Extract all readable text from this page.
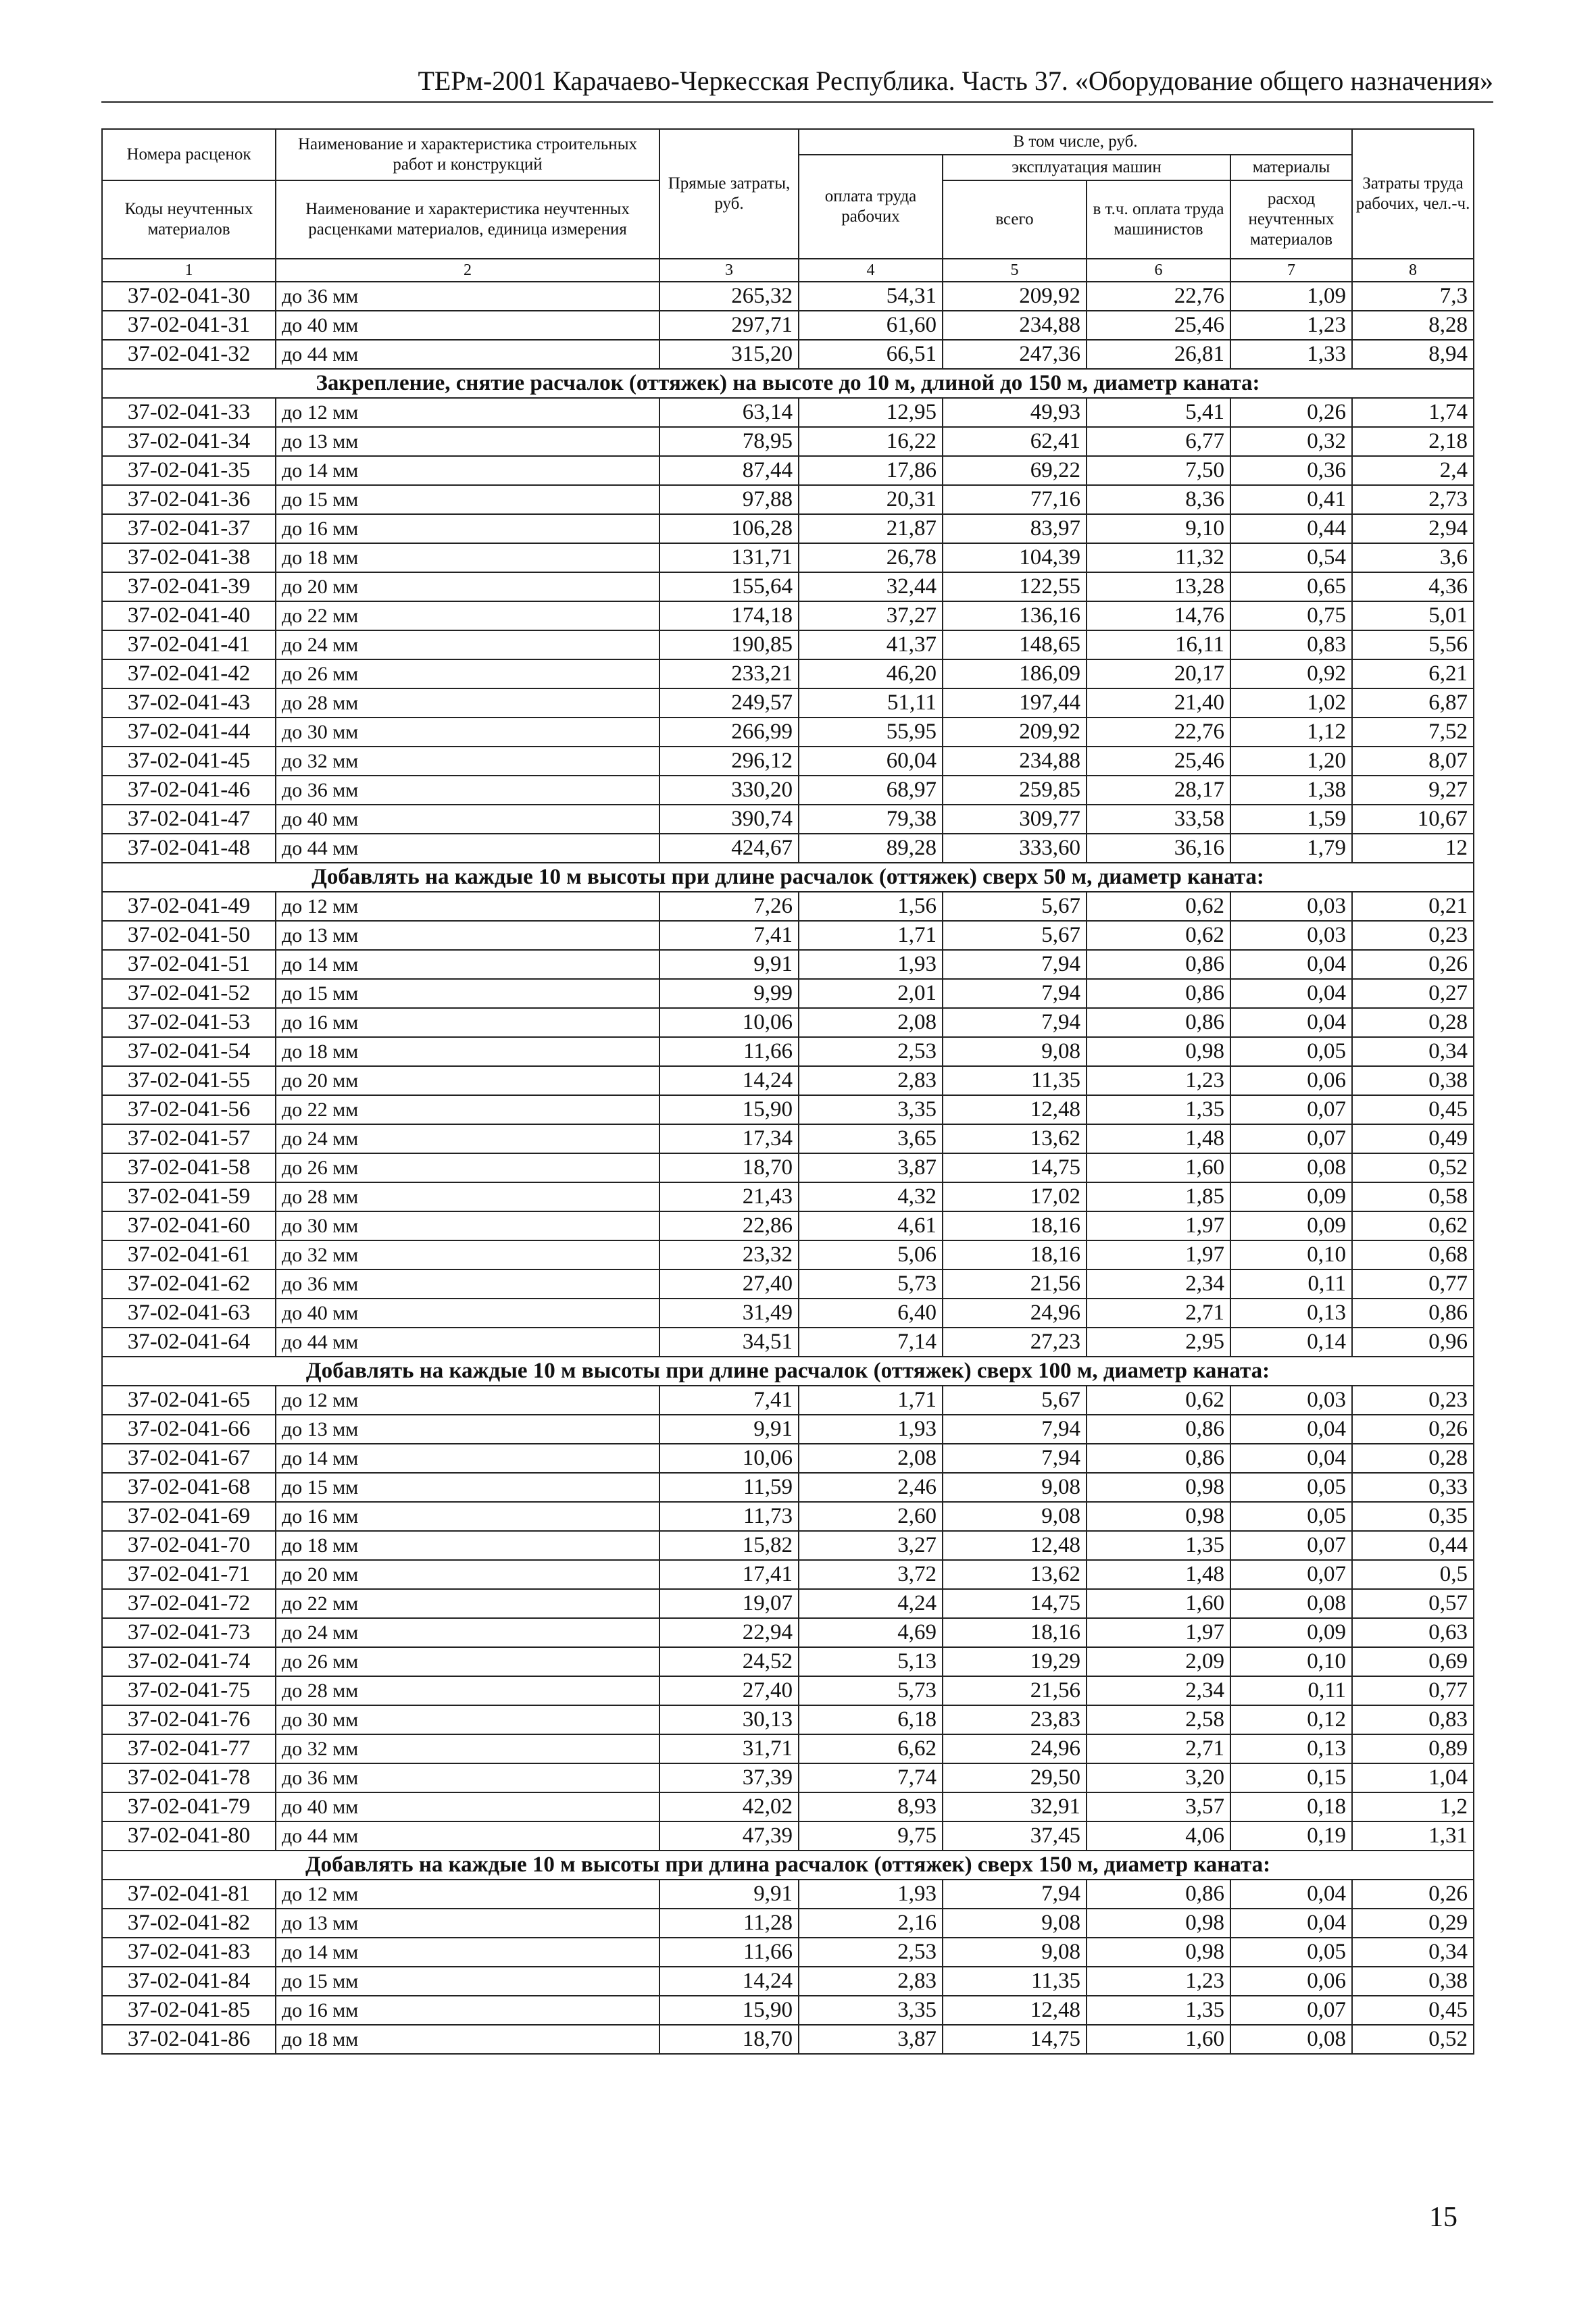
ТЕРм-2001 Карачаево-Черкесская Республика. Часть 37. «Оборудование общего назначения»
Номера расценок	Наименование и характеристика строительных работ и конструкций	Прямые затраты, руб.	В том числе, руб.				Затраты труда рабочих, чел.-ч.
			оплата труда рабочих	эксплуатация машин		материалы	
Коды неучтенных материалов	Наименование и характеристика неучтенных расценками материалов, единица измерения			всего	в т.ч. оплата труда машинистов	расход неучтенных материалов	
1	2	3	4	5	6	7	8
37-02-041-30	до 36 мм	265,32	54,31	209,92	22,76	1,09	7,3
37-02-041-31	до 40 мм	297,71	61,60	234,88	25,46	1,23	8,28
37-02-041-32	до 44 мм	315,20	66,51	247,36	26,81	1,33	8,94
Закрепление, снятие расчалок (оттяжек) на высоте до 10 м, длиной до 150 м, диаметр каната:							
37-02-041-33	до 12 мм	63,14	12,95	49,93	5,41	0,26	1,74
37-02-041-34	до 13 мм	78,95	16,22	62,41	6,77	0,32	2,18
37-02-041-35	до 14 мм	87,44	17,86	69,22	7,50	0,36	2,4
37-02-041-36	до 15 мм	97,88	20,31	77,16	8,36	0,41	2,73
37-02-041-37	до 16 мм	106,28	21,87	83,97	9,10	0,44	2,94
37-02-041-38	до 18 мм	131,71	26,78	104,39	11,32	0,54	3,6
37-02-041-39	до 20 мм	155,64	32,44	122,55	13,28	0,65	4,36
37-02-041-40	до 22 мм	174,18	37,27	136,16	14,76	0,75	5,01
37-02-041-41	до 24 мм	190,85	41,37	148,65	16,11	0,83	5,56
37-02-041-42	до 26 мм	233,21	46,20	186,09	20,17	0,92	6,21
37-02-041-43	до 28 мм	249,57	51,11	197,44	21,40	1,02	6,87
37-02-041-44	до 30 мм	266,99	55,95	209,92	22,76	1,12	7,52
37-02-041-45	до 32 мм	296,12	60,04	234,88	25,46	1,20	8,07
37-02-041-46	до 36 мм	330,20	68,97	259,85	28,17	1,38	9,27
37-02-041-47	до 40 мм	390,74	79,38	309,77	33,58	1,59	10,67
37-02-041-48	до 44 мм	424,67	89,28	333,60	36,16	1,79	12
Добавлять на каждые 10 м высоты при длине расчалок (оттяжек) сверх 50 м, диаметр каната:							
37-02-041-49	до 12 мм	7,26	1,56	5,67	0,62	0,03	0,21
37-02-041-50	до 13 мм	7,41	1,71	5,67	0,62	0,03	0,23
37-02-041-51	до 14 мм	9,91	1,93	7,94	0,86	0,04	0,26
37-02-041-52	до 15 мм	9,99	2,01	7,94	0,86	0,04	0,27
37-02-041-53	до 16 мм	10,06	2,08	7,94	0,86	0,04	0,28
37-02-041-54	до 18 мм	11,66	2,53	9,08	0,98	0,05	0,34
37-02-041-55	до 20 мм	14,24	2,83	11,35	1,23	0,06	0,38
37-02-041-56	до 22 мм	15,90	3,35	12,48	1,35	0,07	0,45
37-02-041-57	до 24 мм	17,34	3,65	13,62	1,48	0,07	0,49
37-02-041-58	до 26 мм	18,70	3,87	14,75	1,60	0,08	0,52
37-02-041-59	до 28 мм	21,43	4,32	17,02	1,85	0,09	0,58
37-02-041-60	до 30 мм	22,86	4,61	18,16	1,97	0,09	0,62
37-02-041-61	до 32 мм	23,32	5,06	18,16	1,97	0,10	0,68
37-02-041-62	до 36 мм	27,40	5,73	21,56	2,34	0,11	0,77
37-02-041-63	до 40 мм	31,49	6,40	24,96	2,71	0,13	0,86
37-02-041-64	до 44 мм	34,51	7,14	27,23	2,95	0,14	0,96
Добавлять на каждые 10 м высоты при длине расчалок (оттяжек) сверх 100 м, диаметр каната:							
37-02-041-65	до 12 мм	7,41	1,71	5,67	0,62	0,03	0,23
37-02-041-66	до 13 мм	9,91	1,93	7,94	0,86	0,04	0,26
37-02-041-67	до 14 мм	10,06	2,08	7,94	0,86	0,04	0,28
37-02-041-68	до 15 мм	11,59	2,46	9,08	0,98	0,05	0,33
37-02-041-69	до 16 мм	11,73	2,60	9,08	0,98	0,05	0,35
37-02-041-70	до 18 мм	15,82	3,27	12,48	1,35	0,07	0,44
37-02-041-71	до 20 мм	17,41	3,72	13,62	1,48	0,07	0,5
37-02-041-72	до 22 мм	19,07	4,24	14,75	1,60	0,08	0,57
37-02-041-73	до 24 мм	22,94	4,69	18,16	1,97	0,09	0,63
37-02-041-74	до 26 мм	24,52	5,13	19,29	2,09	0,10	0,69
37-02-041-75	до 28 мм	27,40	5,73	21,56	2,34	0,11	0,77
37-02-041-76	до 30 мм	30,13	6,18	23,83	2,58	0,12	0,83
37-02-041-77	до 32 мм	31,71	6,62	24,96	2,71	0,13	0,89
37-02-041-78	до 36 мм	37,39	7,74	29,50	3,20	0,15	1,04
37-02-041-79	до 40 мм	42,02	8,93	32,91	3,57	0,18	1,2
37-02-041-80	до 44 мм	47,39	9,75	37,45	4,06	0,19	1,31
Добавлять на каждые 10 м высоты при длина расчалок (оттяжек) сверх 150 м, диаметр каната:							
37-02-041-81	до 12 мм	9,91	1,93	7,94	0,86	0,04	0,26
37-02-041-82	до 13 мм	11,28	2,16	9,08	0,98	0,04	0,29
37-02-041-83	до 14 мм	11,66	2,53	9,08	0,98	0,05	0,34
37-02-041-84	до 15 мм	14,24	2,83	11,35	1,23	0,06	0,38
37-02-041-85	до 16 мм	15,90	3,35	12,48	1,35	0,07	0,45
37-02-041-86	до 18 мм	18,70	3,87	14,75	1,60	0,08	0,52
15
